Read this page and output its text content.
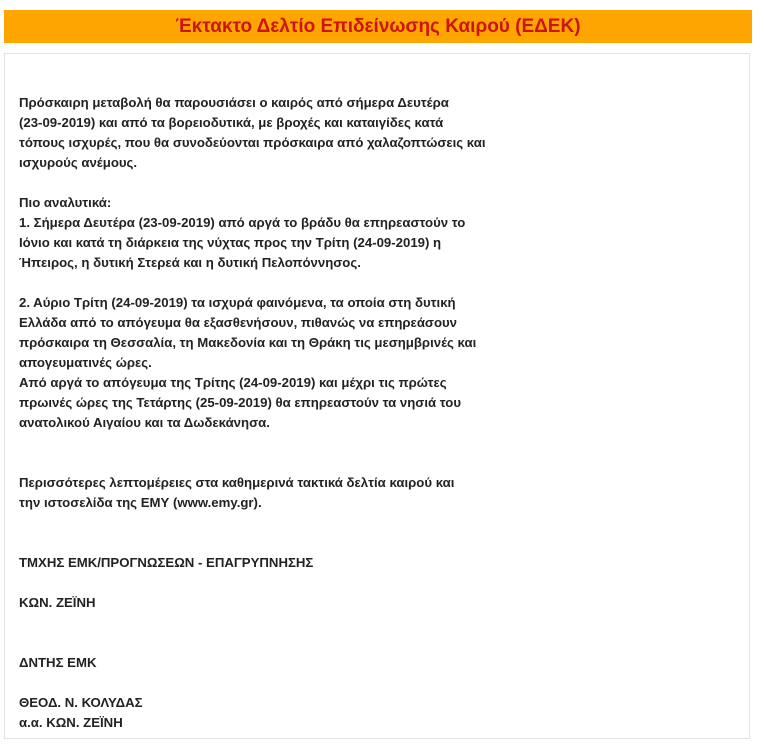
Έκτακτο Δελτίο Επιδείνωσης Καιρού (ΕΔΕΚ)
Πρόσκαιρη μεταβολή θα παρουσιάσει ο καιρός από σήμερα Δευτέρα
(23-09-2019) και από τα βορειοδυτικά, με βροχές και καταιγίδες κατά
τόπους ισχυρές, που θα συνοδεύονται πρόσκαιρα από χαλαζοπτώσεις και
ισχυρούς ανέμους.
Πιο αναλυτικά:
1. Σήμερα Δευτέρα (23-09-2019) από αργά το βράδυ θα επηρεαστούν το
Ιόνιο και κατά τη διάρκεια της νύχτας προς την Τρίτη (24-09-2019) η
Ήπειρος, η δυτική Στερεά και η δυτική Πελοπόννησος.
2. Αύριο Τρίτη (24-09-2019) τα ισχυρά φαινόμενα, τα οποία στη δυτική
Ελλάδα από το απόγευμα θα εξασθενήσουν, πιθανώς να επηρεάσουν
πρόσκαιρα τη Θεσσαλία, τη Μακεδονία και τη Θράκη τις μεσημβρινές και
απογευματινές ώρες.
Από αργά το απόγευμα της Τρίτης (24-09-2019) και μέχρι τις πρώτες
πρωινές ώρες της Τετάρτης (25-09-2019) θα επηρεαστούν τα νησιά του
ανατολικού Αιγαίου και τα Δωδεκάνησα.
Περισσότερες λεπτομέρειες στα καθημερινά τακτικά δελτία καιρού και
την ιστοσελίδα της ΕΜΥ (www.emy.gr).
ΤΜΧΗΣ ΕΜΚ/ΠΡΟΓΝΩΣΕΩΝ - ΕΠΑΓΡΥΠΝΗΣΗΣ
ΚΩΝ. ΖΕΪΝΗ
ΔΝΤΗΣ ΕΜΚ
ΘΕΟΔ. Ν. ΚΟΛΥΔΑΣ
α.α. ΚΩΝ. ΖΕΪΝΗ
